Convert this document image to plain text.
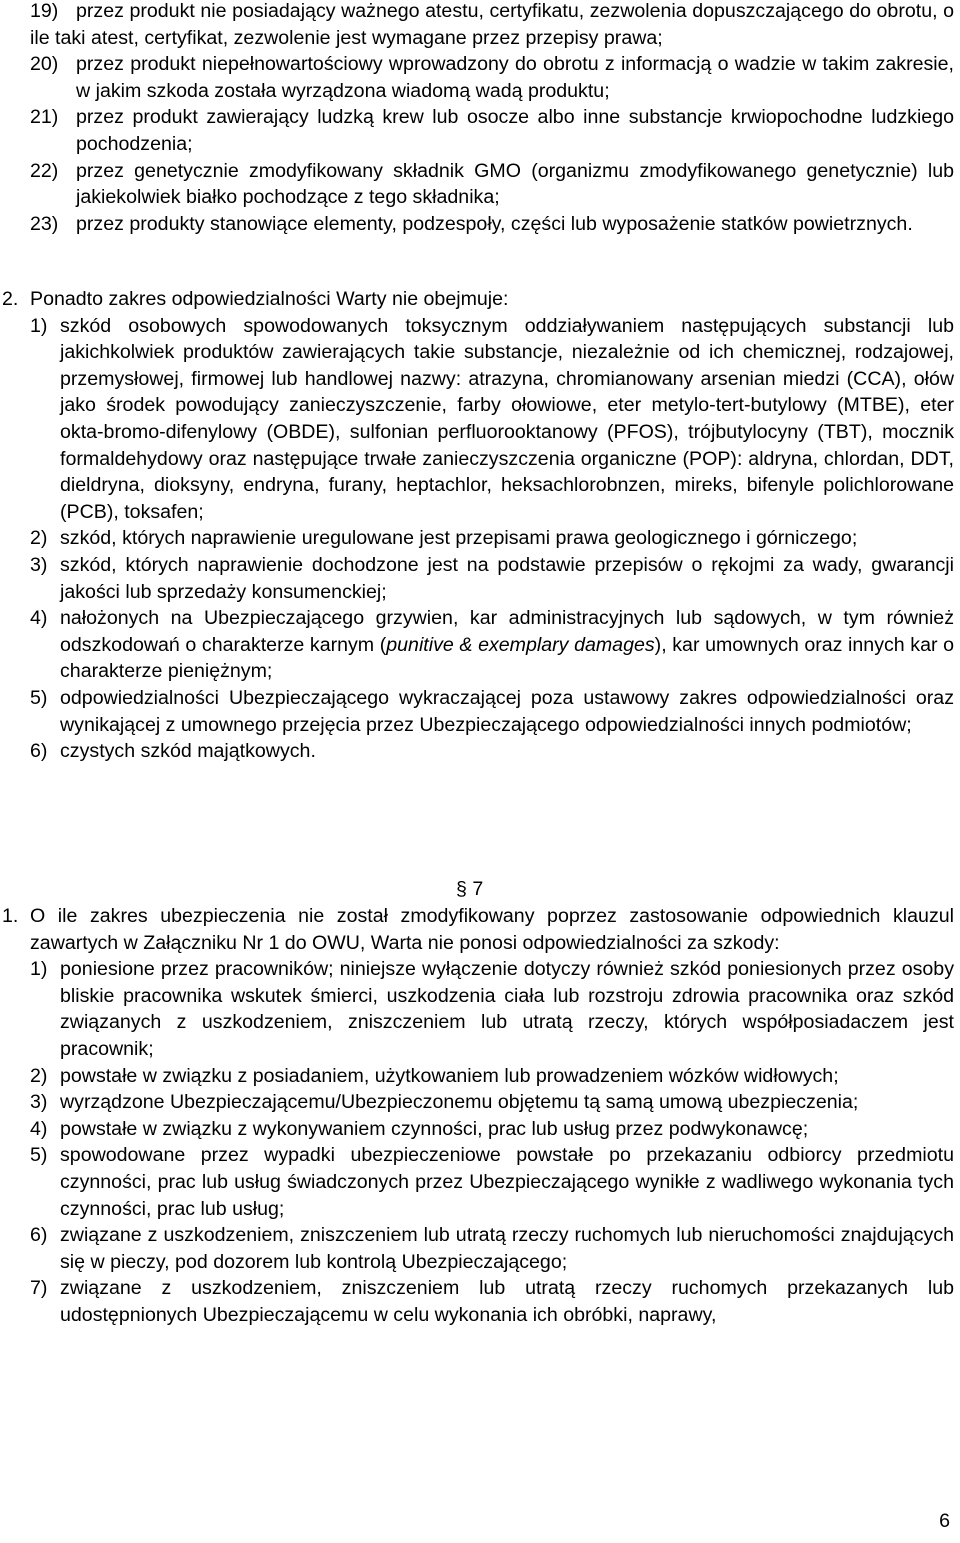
19) przez produkt nie posiadający ważnego atestu, certyfikatu, zezwolenia dopuszczającego do obrotu, o ile taki atest, certyfikat, zezwolenie jest wymagane przez przepisy prawa;
20) przez produkt niepełnowartościowy wprowadzony do obrotu z informacją o wadzie w takim zakresie, w jakim szkoda została wyrządzona wiadomą wadą produktu;
21) przez produkt zawierający ludzką krew lub osocze albo inne substancje krwiopochodne ludzkiego pochodzenia;
22) przez genetycznie zmodyfikowany składnik GMO (organizmu zmodyfikowanego genetycznie) lub jakiekolwiek białko pochodzące z tego składnika;
23) przez produkty stanowiące elementy, podzespoły, części lub wyposażenie statków powietrznych.
2. Ponadto zakres odpowiedzialności Warty nie obejmuje:
1) szkód osobowych spowodowanych toksycznym oddziaływaniem następujących substancji lub jakichkolwiek produktów zawierających takie substancje, niezależnie od ich chemicznej, rodzajowej, przemysłowej, firmowej lub handlowej nazwy: atrazyna, chromianowany arsenian miedzi (CCA), ołów jako środek powodujący zanieczyszczenie, farby ołowiowe, eter metylo-tert-butylowy (MTBE), eter okta-bromo-difenylowy (OBDE), sulfonian perfluorooktanowy (PFOS), trójbutylocyny (TBT), mocznik formaldehydowy oraz następujące trwałe zanieczyszczenia organiczne (POP): aldryna, chlordan, DDT, dieldryna, dioksyny, endryna, furany, heptachlor, heksachlorobnzen, mireks, bifenyle polichlorowane (PCB), toksafen;
2) szkód, których naprawienie uregulowane jest przepisami prawa geologicznego i górniczego;
3) szkód, których naprawienie dochodzone jest na podstawie przepisów o rękojmi za wady, gwarancji jakości lub sprzedaży konsumenckiej;
4) nałożonych na Ubezpieczającego grzywien, kar administracyjnych lub sądowych, w tym również odszkodowań o charakterze karnym (punitive & exemplary damages), kar umownych oraz innych kar o charakterze pieniężnym;
5) odpowiedzialności Ubezpieczającego wykraczającej poza ustawowy zakres odpowiedzialności oraz wynikającej z umownego przejęcia przez Ubezpieczającego odpowiedzialności innych podmiotów;
6) czystych szkód majątkowych.
§ 7
1. O ile zakres ubezpieczenia nie został zmodyfikowany poprzez zastosowanie odpowiednich klauzul zawartych w Załączniku Nr 1 do OWU, Warta nie ponosi odpowiedzialności za szkody:
1) poniesione przez pracowników; niniejsze wyłączenie dotyczy również szkód poniesionych przez osoby bliskie pracownika wskutek śmierci, uszkodzenia ciała lub rozstroju zdrowia pracownika oraz szkód związanych z uszkodzeniem, zniszczeniem lub utratą rzeczy, których współposiadaczem jest pracownik;
2) powstałe w związku z posiadaniem, użytkowaniem lub prowadzeniem wózków widłowych;
3) wyrządzone Ubezpieczającemu/Ubezpieczonemu objętemu tą samą umową ubezpieczenia;
4) powstałe w związku z wykonywaniem czynności, prac lub usług przez podwykonawcę;
5) spowodowane przez wypadki ubezpieczeniowe powstałe po przekazaniu odbiorcy przedmiotu czynności, prac lub usług świadczonych przez Ubezpieczającego wynikłe z wadliwego wykonania tych czynności, prac lub usług;
6) związane z uszkodzeniem, zniszczeniem lub utratą rzeczy ruchomych lub nieruchomości znajdujących się w pieczy, pod dozorem lub kontrolą Ubezpieczającego;
7) związane z uszkodzeniem, zniszczeniem lub utratą rzeczy ruchomych przekazanych lub udostępnionych Ubezpieczającemu w celu wykonania ich obróbki, naprawy,
6
